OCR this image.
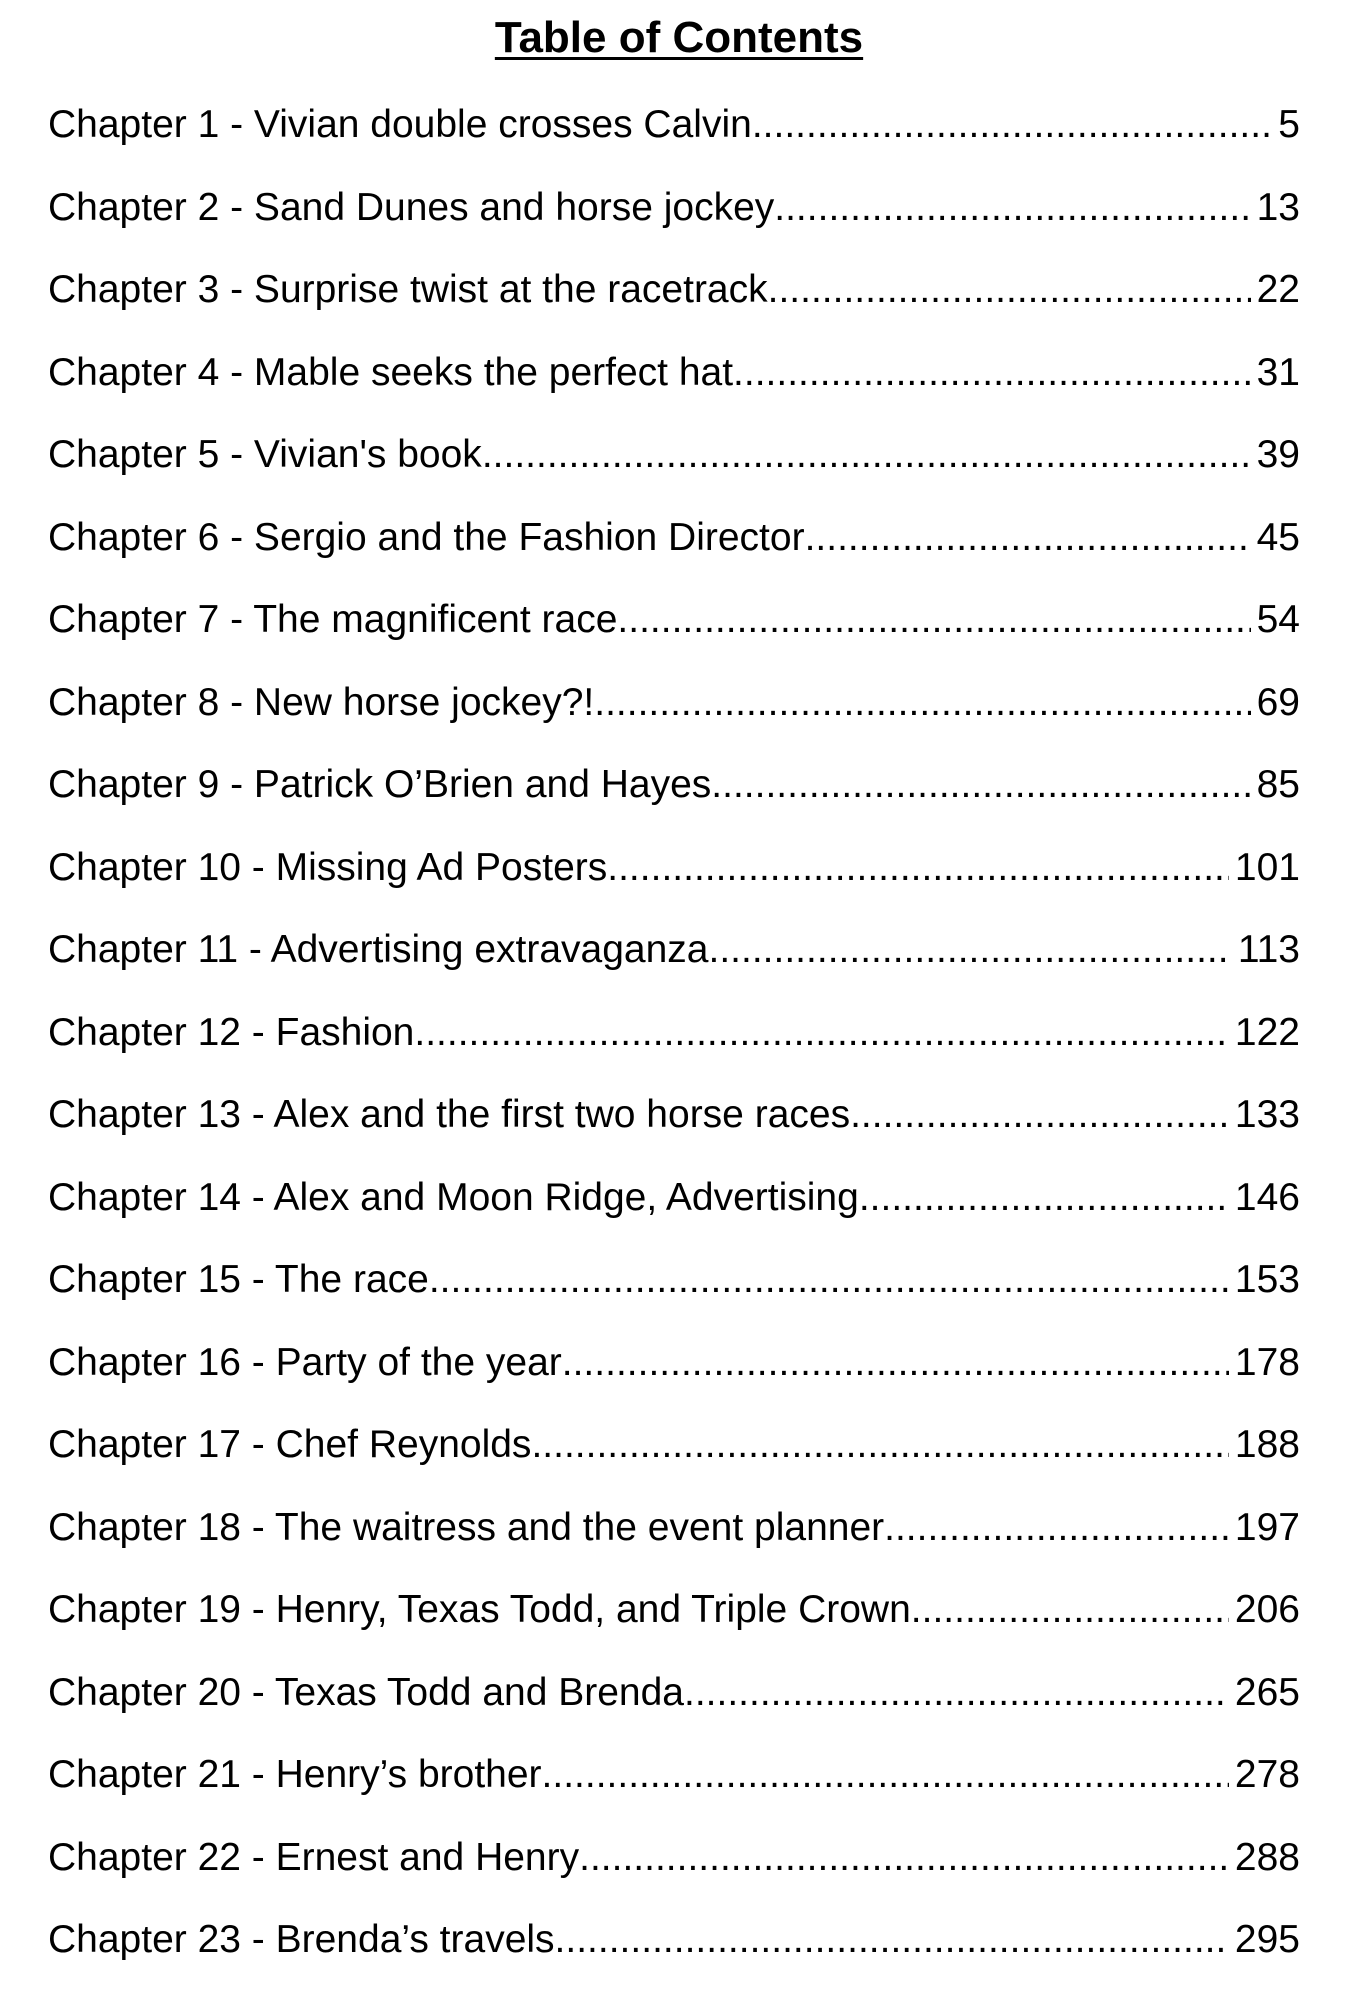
Table of Contents
Chapter 1 - Vivian double crosses Calvin .....	5
Chapter 2 - Sand Dunes and horse jockey .....	13
Chapter 3 - Surprise twist at the racetrack .....	22
Chapter 4 - Mable seeks the perfect hat .....	31
Chapter 5 - Vivian's book .....	39
Chapter 6 - Sergio and the Fashion Director .....	45
Chapter 7 - The magnificent race .....	54
Chapter 8 - New horse jockey?! .....	69
Chapter 9 - Patrick O’Brien and Hayes .....	85
Chapter 10 - Missing Ad Posters .....	101
Chapter 11 - Advertising extravaganza .....	113
Chapter 12 - Fashion .....	122
Chapter 13 - Alex and the first two horse races .....	133
Chapter 14 - Alex and Moon Ridge, Advertising .....	146
Chapter 15 - The race .....	153
Chapter 16 - Party of the year .....	178
Chapter 17 - Chef Reynolds .....	188
Chapter 18 - The waitress and the event planner .....	197
Chapter 19 - Henry, Texas Todd, and Triple Crown .....	206
Chapter 20 - Texas Todd and Brenda .....	265
Chapter 21 - Henry’s brother .....	278
Chapter 22 - Ernest and Henry .....	288
Chapter 23 - Brenda’s travels .....	295
